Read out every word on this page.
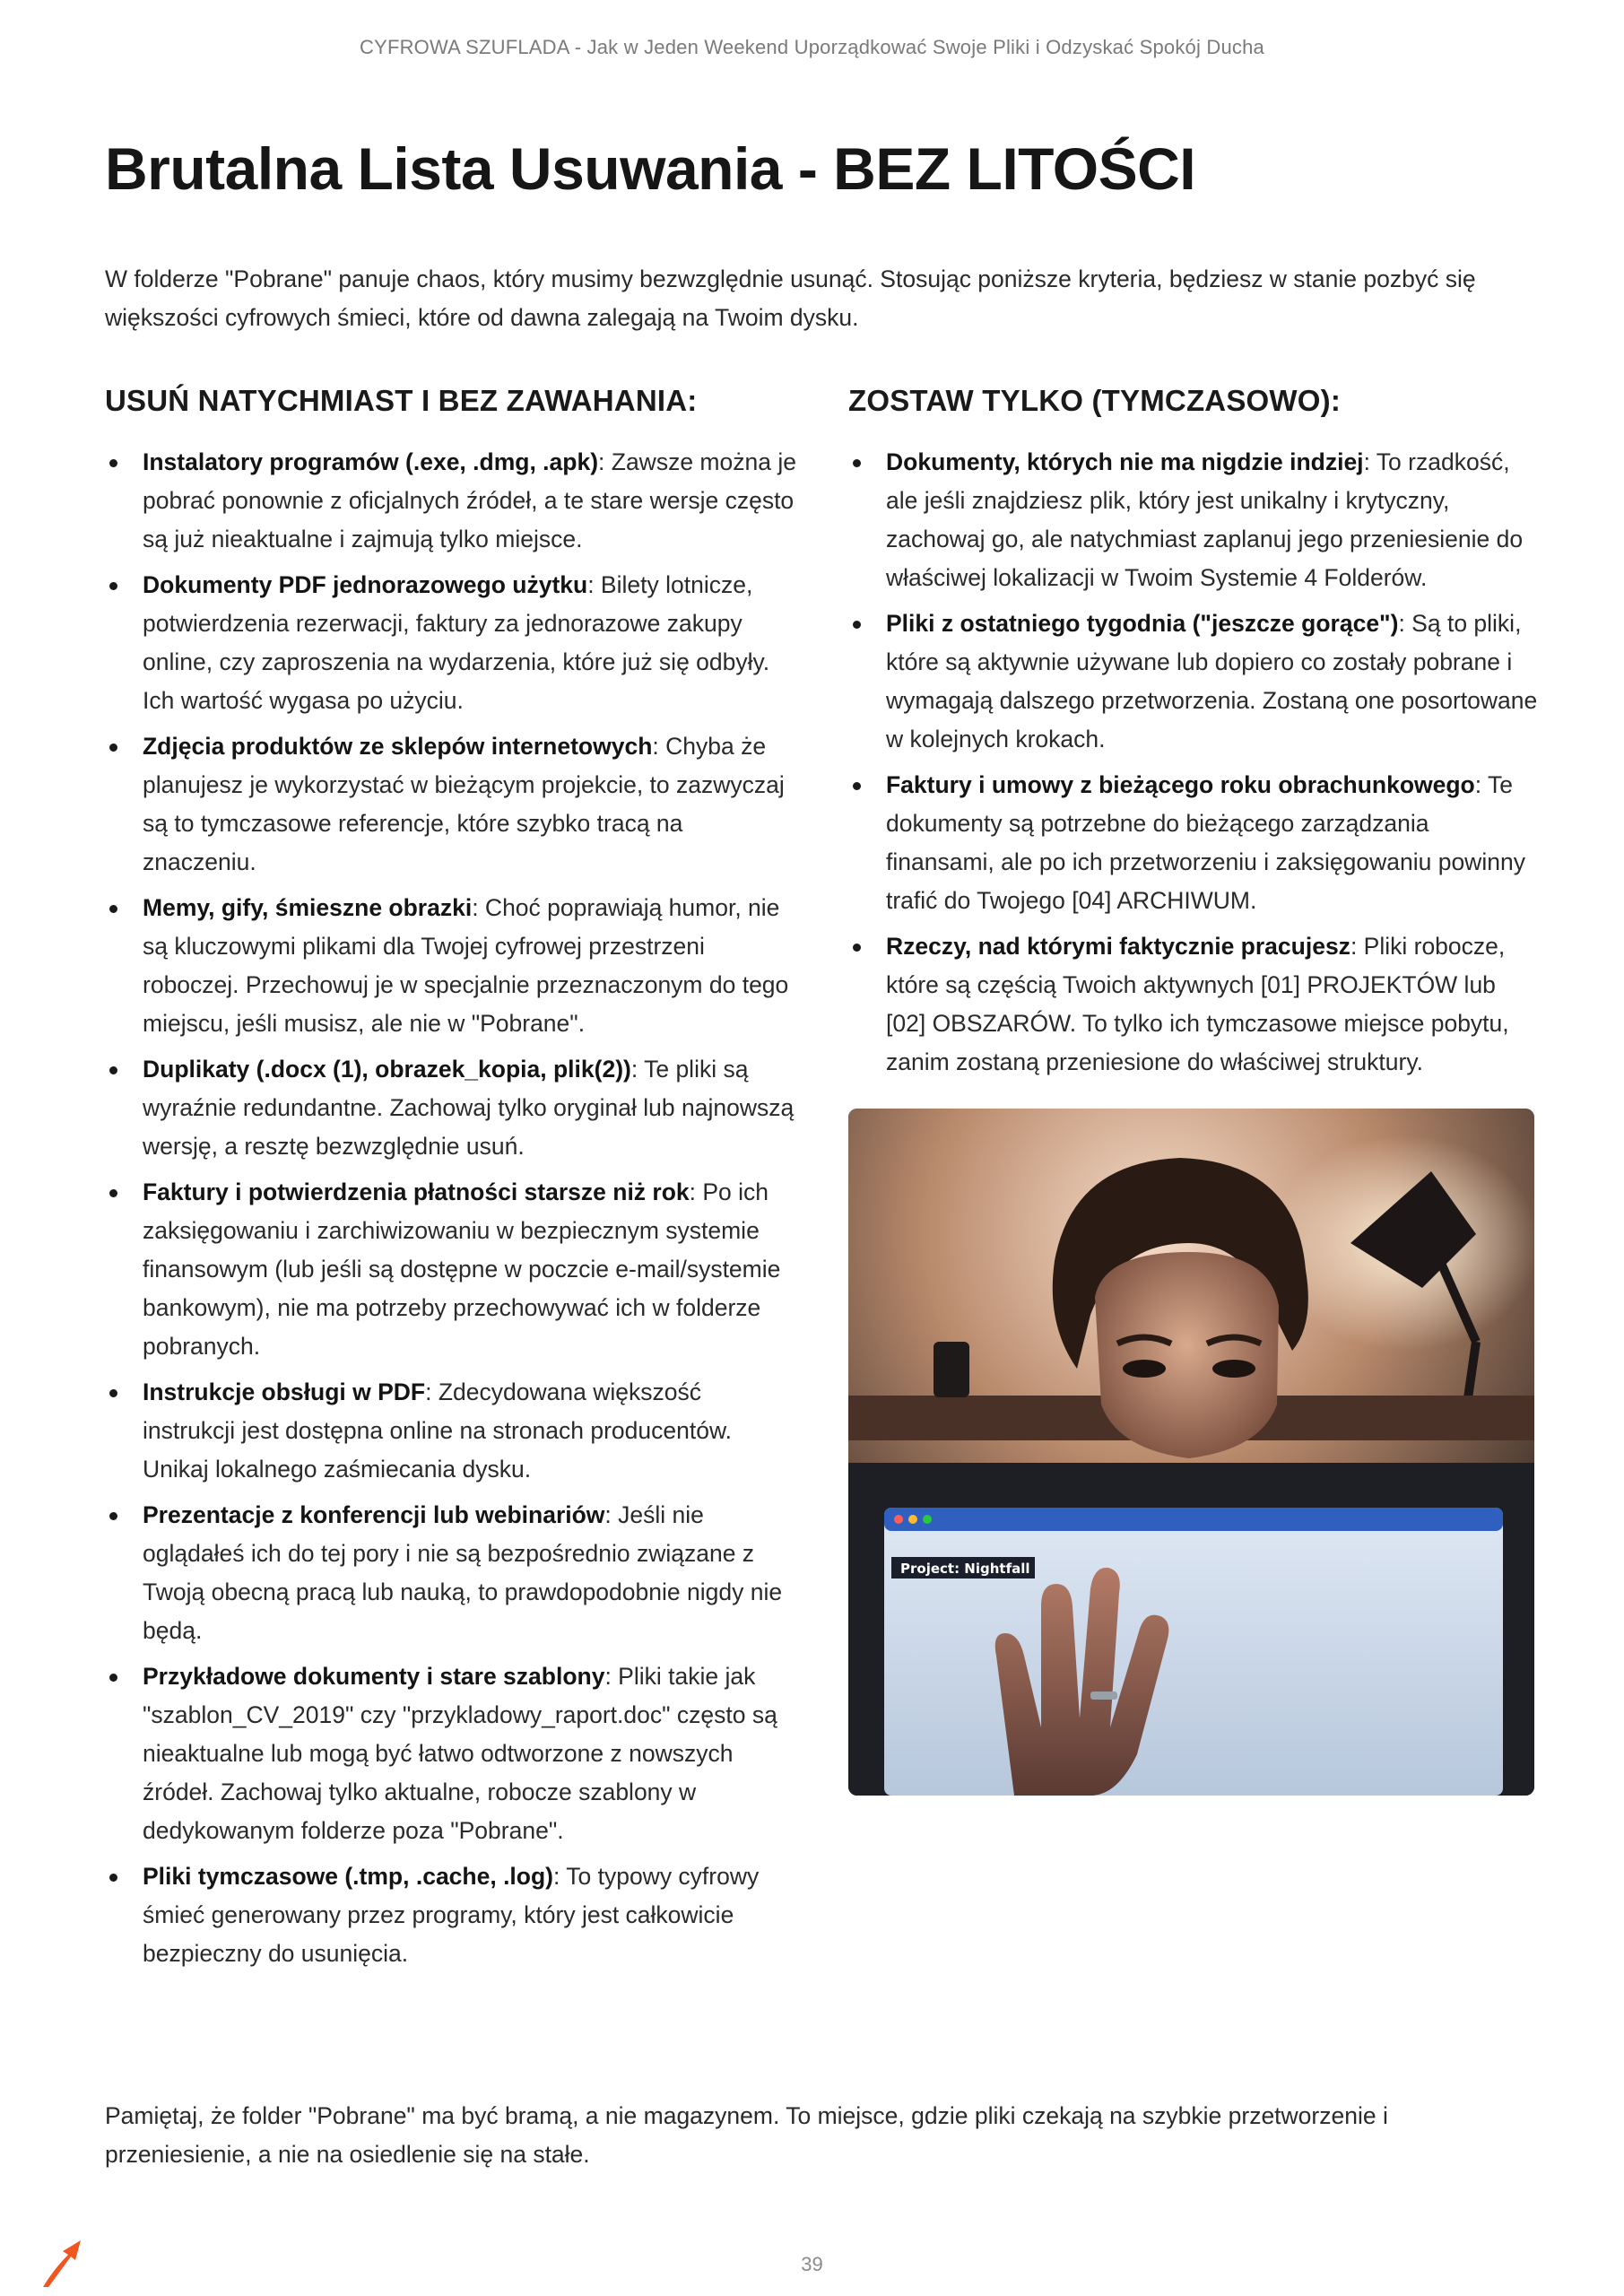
CYFROWA SZUFLADA - Jak w Jeden Weekend Uporządkować Swoje Pliki i Odzyskać Spokój Ducha
Brutalna Lista Usuwania - BEZ LITOŚCI

W folderze "Pobrane" panuje chaos, który musimy bezwzględnie usunąć. Stosując poniższe kryteria, będziesz w stanie pozbyć się większości cyfrowych śmieci, które od dawna zalegają na Twoim dysku.

USUŃ NATYCHMIAST I BEZ ZAWAHANIA:
Instalatory programów (.exe, .dmg, .apk): Zawsze można je pobrać ponownie z oficjalnych źródeł, a te stare wersje często są już nieaktualne i zajmują tylko miejsce.
Dokumenty PDF jednorazowego użytku: Bilety lotnicze, potwierdzenia rezerwacji, faktury za jednorazowe zakupy online, czy zaproszenia na wydarzenia, które już się odbyły. Ich wartość wygasa po użyciu.
Zdjęcia produktów ze sklepów internetowych: Chyba że planujesz je wykorzystać w bieżącym projekcie, to zazwyczaj są to tymczasowe referencje, które szybko tracą na znaczeniu.
Memy, gify, śmieszne obrazki: Choć poprawiają humor, nie są kluczowymi plikami dla Twojej cyfrowej przestrzeni roboczej. Przechowuj je w specjalnie przeznaczonym do tego miejscu, jeśli musisz, ale nie w "Pobrane".
Duplikaty (.docx (1), obrazek_kopia, plik(2)): Te pliki są wyraźnie redundantne. Zachowaj tylko oryginał lub najnowszą wersję, a resztę bezwzględnie usuń.
Faktury i potwierdzenia płatności starsze niż rok: Po ich zaksięgowaniu i zarchiwizowaniu w bezpiecznym systemie finansowym (lub jeśli są dostępne w poczcie e-mail/systemie bankowym), nie ma potrzeby przechowywać ich w folderze pobranych.
Instrukcje obsługi w PDF: Zdecydowana większość instrukcji jest dostępna online na stronach producentów. Unikaj lokalnego zaśmiecania dysku.
Prezentacje z konferencji lub webinariów: Jeśli nie oglądałeś ich do tej pory i nie są bezpośrednio związane z Twoją obecną pracą lub nauką, to prawdopodobnie nigdy nie będą.
Przykładowe dokumenty i stare szablony: Pliki takie jak "szablon_CV_2019" czy "przykladowy_raport.doc" często są nieaktualne lub mogą być łatwo odtworzone z nowszych źródeł. Zachowaj tylko aktualne, robocze szablony w dedykowanym folderze poza "Pobrane".
Pliki tymczasowe (.tmp, .cache, .log): To typowy cyfrowy śmieć generowany przez programy, który jest całkowicie bezpieczny do usunięcia.
ZOSTAW TYLKO (TYMCZASOWO):
Dokumenty, których nie ma nigdzie indziej: To rzadkość, ale jeśli znajdziesz plik, który jest unikalny i krytyczny, zachowaj go, ale natychmiast zaplanuj jego przeniesienie do właściwej lokalizacji w Twoim Systemie 4 Folderów.
Pliki z ostatniego tygodnia ("jeszcze gorące"): Są to pliki, które są aktywnie używane lub dopiero co zostały pobrane i wymagają dalszego przetworzenia. Zostaną one posortowane w kolejnych krokach.
Faktury i umowy z bieżącego roku obrachunkowego: Te dokumenty są potrzebne do bieżącego zarządzania finansami, ale po ich przetworzeniu i zaksięgowaniu powinny trafić do Twojego [04] ARCHIWUM.
Rzeczy, nad którymi faktycznie pracujesz: Pliki robocze, które są częścią Twoich aktywnych [01] PROJEKTÓW lub [02] OBSZARÓW. To tylko ich tymczasowe miejsce pobytu, zanim zostaną przeniesione do właściwej struktury.
Project: Nightfall

Pamiętaj, że folder "Pobrane" ma być bramą, a nie magazynem. To miejsce, gdzie pliki czekają na szybkie przetworzenie i przeniesienie, a nie na osiedlenie się na stałe.

39
